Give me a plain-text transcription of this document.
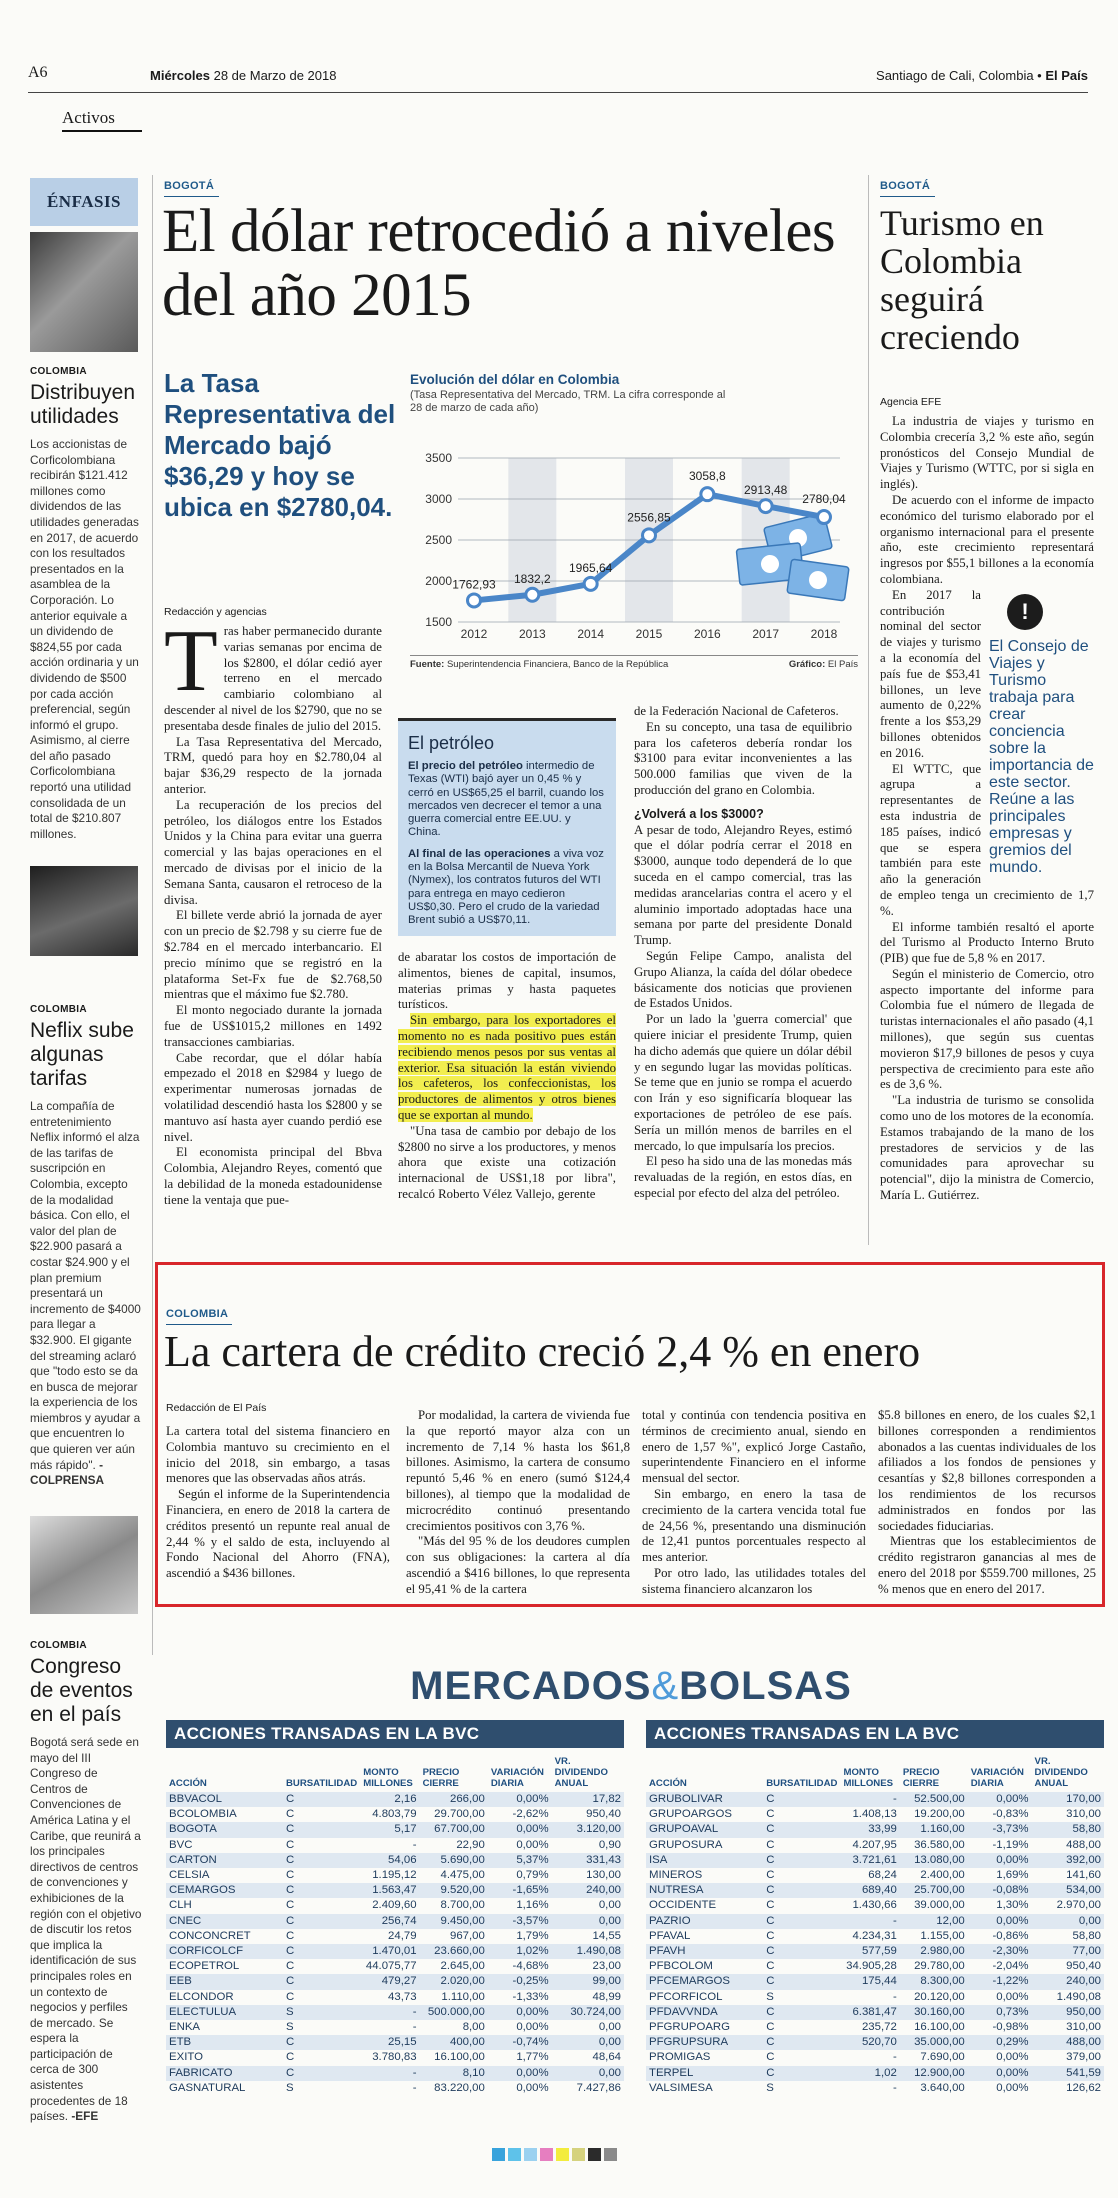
A6	Miércoles 28 de Marzo de 2018	Santiago de Cali, Colombia • El País
Activos
ÉNFASIS
COLOMBIA
Distribuyen utilidades
Los accionistas de Corficolombiana recibirán $121.412 millones como dividendos de las utilidades generadas en 2017, de acuerdo con los resultados presentados en la asamblea de la Corporación. Lo anterior equivale a un dividendo de $824,55 por cada acción ordinaria y un dividendo de $500 por cada acción preferencial, según informó el grupo. Asimismo, al cierre del año pasado Corficolombiana reportó una utilidad consolidada de un total de $210.807 millones.
COLOMBIA
Neflix sube algunas tarifas
La compañía de entretenimiento Neflix informó el alza de las tarifas de suscripción en Colombia, excepto de la modalidad básica. Con ello, el valor del plan de $22.900 pasará a costar $24.900 y el plan premium presentará un incremento de $4000 para llegar a $32.900. El gigante del streaming aclaró que "todo esto se da en busca de mejorar la experiencia de los miembros y ayudar a que encuentren lo que quieren ver aún más rápido". -COLPRENSA
COLOMBIA
Congreso de eventos en el país
Bogotá será sede en mayo del III Congreso de Centros de Convenciones de América Latina y el Caribe, que reunirá a los principales directivos de centros de convenciones y exhibiciones de la región con el objetivo de discutir los retos que implica la identificación de sus principales roles en un contexto de negocios y perfiles de mercado. Se espera la participación de cerca de 300 asistentes procedentes de 18 países. -EFE
BOGOTÁ
El dólar retrocedió a niveles del año 2015
La Tasa Representativa del Mercado bajó $36,29 y hoy se ubica en $2780,04.
Evolución del dólar en Colombia
(Tasa Representativa del Mercado, TRM. La cifra corresponde al 28 de marzo de cada año)
3500
3000
2500
2000
1500
1762,93
2012
1832,2
2013
1965,64
2014
2556,85
2015
3058,8
2016
2913,48
2017
2780,04
2018
Fuente: Superintendencia Financiera, Banco de la República	Gráfico: El País
Redacción y agencias
T ras haber permanecido durante varias semanas por encima de los $2800, el dólar cedió ayer terreno en el mercado cambiario colombiano al descender al nivel de los $2790, que no se presentaba desde finales de julio del 2015.

La Tasa Representativa del Mercado, TRM, quedó para hoy en $2.780,04 al bajar $36,29 respecto de la jornada anterior.

La recuperación de los precios del petróleo, los diálogos entre los Estados Unidos y la China para evitar una guerra comercial y las bajas operaciones en el mercado de divisas por el inicio de la Semana Santa, causaron el retroceso de la divisa.

El billete verde abrió la jornada de ayer con un precio de $2.798 y su cierre fue de $2.784 en el mercado interbancario. El precio mínimo que se registró en la plataforma Set-Fx fue de $2.768,50 mientras que el máximo fue $2.780.

El monto negociado durante la jornada fue de US$1015,2 millones en 1492 transacciones cambiarias.

Cabe recordar, que el dólar había empezado el 2018 en $2984 y luego de experimentar numerosas jornadas de volatilidad descendió hasta los $2800 y se mantuvo así hasta ayer cuando perdió ese nivel.

El economista principal del Bbva Colombia, Alejandro Reyes, comentó que la debilidad de la moneda estadounidense tiene la ventaja que pue-

El petróleo

El precio del petróleo intermedio de Texas (WTI) bajó ayer un 0,45 % y cerró en US$65,25 el barril, cuando los mercados ven decrecer el temor a una guerra comercial entre EE.UU. y China.

Al final de las operaciones a viva voz en la Bolsa Mercantil de Nueva York (Nymex), los contratos futuros del WTI para entrega en mayo cedieron US$0,30. Pero el crudo de la variedad Brent subió a US$70,11.

de abaratar los costos de importación de alimentos, bienes de capital, insumos, materias primas y hasta paquetes turísticos.

Sin embargo, para los exportadores el momento no es nada positivo pues están recibiendo menos pesos por sus ventas al exterior. Esa situación la están viviendo los cafeteros, los confeccionistas, los productores de alimentos y otros bienes que se exportan al mundo.

"Una tasa de cambio por debajo de los $2800 no sirve a los productores, y menos ahora que existe una cotización internacional de US$1,18 por libra", recalcó Roberto Vélez Vallejo, gerente

de la Federación Nacional de Cafeteros.

En su concepto, una tasa de equilibrio para los cafeteros debería rondar los $3100 para evitar inconvenientes a las 500.000 familias que viven de la producción del grano en Colombia.

¿Volverá a los $3000?

A pesar de todo, Alejandro Reyes, estimó que el dólar podría cerrar el 2018 en $3000, aunque todo dependerá de lo que suceda en el campo comercial, tras las medidas arancelarias contra el acero y el aluminio importado adoptadas hace una semana por parte del presidente Donald Trump.

Según Felipe Campo, analista del Grupo Alianza, la caída del dólar obedece básicamente dos noticias que provienen de Estados Unidos.

Por un lado la 'guerra comercial' que quiere iniciar el presidente Trump, quien ha dicho además que quiere un dólar débil y en segundo lugar las movidas políticas. Se teme que en junio se rompa el acuerdo con Irán y eso significaría bloquear las exportaciones de petróleo de ese país. Sería un millón menos de barriles en el mercado, lo que impulsaría los precios.

El peso ha sido una de las monedas más revaluadas de la región, en estos días, en especial por efecto del alza del petróleo.

BOGOTÁ
Turismo en Colombia seguirá creciendo
Agencia EFE

La industria de viajes y turismo en Colombia crecería 3,2 % este año, según pronósticos del Consejo Mundial de Viajes y Turismo (WTTC, por si sigla en inglés).

De acuerdo con el informe de impacto económico del turismo elaborado por el organismo internacional para el presente año, este crecimiento representará ingresos por $55,1 billones a la economía colombiana.

!
El Consejo de Viajes y Turismo trabaja para crear conciencia sobre la importancia de este sector. Reúne a las principales empresas y gremios del mundo.

En 2017 la contribución nominal del sector de viajes y turismo a la economía del país fue de $53,41 billones, un leve aumento de 0,22% frente a los $53,29 billones obtenidos en 2016.

El WTTC, que agrupa a representantes de esta industria de 185 países, indicó que se espera también para este año la generación de empleo tenga un crecimiento de 1,7 %.

El informe también resaltó el aporte del Turismo al Producto Interno Bruto (PIB) que fue de 5,8 % en 2017.

Según el ministerio de Comercio, otro aspecto importante del informe para Colombia fue el número de llegada de turistas internacionales el año pasado (4,1 millones), que según sus cuentas movieron $17,9 billones de pesos y cuya perspectiva de crecimiento para este año es de 3,6 %.

"La industria de turismo se consolida como uno de los motores de la economía. Estamos trabajando de la mano de los prestadores de servicios y de las comunidades para aprovechar su potencial", dijo la ministra de Comercio, María L. Gutiérrez.

COLOMBIA
La cartera de crédito creció 2,4 % en enero
Redacción de El País

La cartera total del sistema financiero en Colombia mantuvo su crecimiento en el inicio del 2018, sin embargo, a tasas menores que las observadas años atrás.

Según el informe de la Superintendencia Financiera, en enero de 2018 la cartera de créditos presentó un repunte real anual de 2,44 % y el saldo de esta, incluyendo al Fondo Nacional del Ahorro (FNA), ascendió a $436 billones.

Por modalidad, la cartera de vivienda fue la que reportó mayor alza con un incremento de 7,14 % hasta los $61,8 billones. Asimismo, la cartera de consumo repuntó 5,46 % en enero (sumó $124,4 billones), al tiempo que la modalidad de microcrédito continuó presentando crecimientos positivos con 3,76 %.

"Más del 95 % de los deudores cumplen con sus obligaciones: la cartera al día ascendió a $416 billones, lo que representa el 95,41 % de la cartera

total y continúa con tendencia positiva en términos de crecimiento anual, siendo en enero de 1,57 %", explicó Jorge Castaño, superintendente Financiero en el informe mensual del sector.

Sin embargo, en enero la tasa de crecimiento de la cartera vencida total fue de 24,56 %, presentando una disminución de 12,41 puntos porcentuales respecto al mes anterior.

Por otro lado, las utilidades totales del sistema financiero alcanzaron los

$5.8 billones en enero, de los cuales $2,1 billones corresponden a rendimientos abonados a las cuentas individuales de los afiliados a los fondos de pensiones y cesantías y $2,8 billones corresponden a los rendimientos de los recursos administrados en fondos por las sociedades fiduciarias.

Mientras que los establecimientos de crédito registraron ganancias al mes de enero del 2018 por $559.700 millones, 25 % menos que en enero del 2017.

MERCADOS&BOLSAS
ACCIONES TRANSADAS EN LA BVC
ACCIÓN	BURSATILIDAD	MONTO MILLONES	PRECIO CIERRE	VARIACIÓN DIARIA	VR. DIVIDENDO ANUAL
BBVACOL	C	2,16	266,00	0,00%	17,82
BCOLOMBIA	C	4.803,79	29.700,00	-2,62%	950,40
BOGOTA	C	5,17	67.700,00	0,00%	3.120,00
BVC	C	-	22,90	0,00%	0,90
CARTON	C	54,06	5.690,00	5,37%	331,43
CELSIA	C	1.195,12	4.475,00	0,79%	130,00
CEMARGOS	C	1.563,47	9.520,00	-1,65%	240,00
CLH	C	2.409,60	8.700,00	1,16%	0,00
CNEC	C	256,74	9.450,00	-3,57%	0,00
CONCONCRET	C	24,79	967,00	1,79%	14,55
CORFICOLCF	C	1.470,01	23.660,00	1,02%	1.490,08
ECOPETROL	C	44.075,77	2.645,00	-4,68%	23,00
EEB	C	479,27	2.020,00	-0,25%	99,00
ELCONDOR	C	43,73	1.110,00	-1,33%	48,99
ELECTULUA	S	-	500.000,00	0,00%	30.724,00
ENKA	S	-	8,00	0,00%	0,00
ETB	C	25,15	400,00	-0,74%	0,00
EXITO	C	3.780,83	16.100,00	1,77%	48,64
FABRICATO	C	-	8,10	0,00%	0,00
GASNATURAL	S	-	83.220,00	0,00%	7.427,86
ACCIONES TRANSADAS EN LA BVC
ACCIÓN	BURSATILIDAD	MONTO MILLONES	PRECIO CIERRE	VARIACIÓN DIARIA	VR. DIVIDENDO ANUAL
GRUBOLIVAR	C	-	52.500,00	0,00%	170,00
GRUPOARGOS	C	1.408,13	19.200,00	-0,83%	310,00
GRUPOAVAL	C	33,99	1.160,00	-3,73%	58,80
GRUPOSURA	C	4.207,95	36.580,00	-1,19%	488,00
ISA	C	3.721,61	13.080,00	0,00%	392,00
MINEROS	C	68,24	2.400,00	1,69%	141,60
NUTRESA	C	689,40	25.700,00	-0,08%	534,00
OCCIDENTE	C	1.430,66	39.000,00	1,30%	2.970,00
PAZRIO	C	-	12,00	0,00%	0,00
PFAVAL	C	4.234,31	1.155,00	-0,86%	58,80
PFAVH	C	577,59	2.980,00	-2,30%	77,00
PFBCOLOM	C	34.905,28	29.780,00	-2,04%	950,40
PFCEMARGOS	C	175,44	8.300,00	-1,22%	240,00
PFCORFICOL	S	-	20.120,00	0,00%	1.490,08
PFDAVVNDA	C	6.381,47	30.160,00	0,73%	950,00
PFGRUPOARG	C	235,72	16.100,00	-0,98%	310,00
PFGRUPSURA	C	520,70	35.000,00	0,29%	488,00
PROMIGAS	C	-	7.690,00	0,00%	379,00
TERPEL	C	1,02	12.900,00	0,00%	541,59
VALSIMESA	S	-	3.640,00	0,00%	126,62
